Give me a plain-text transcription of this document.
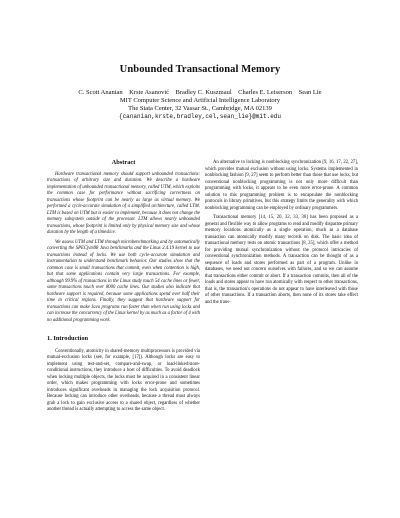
Unbounded Transactional Memory
C. Scott Ananian    Krste Asanović    Bradley C. Kuszmaul    Charles E. Leiserson    Sean Lie
MIT Computer Science and Artificial Intelligence Laboratory
The Stata Center, 32 Vassar St., Cambridge, MA 02139
{cananian,krste,bradley,cel,sean_lie}@mit.edu
Abstract

Hardware transactional memory should support unbounded transactions: transactions of arbitrary size and duration. We describe a hardware implementation of unbounded transactional memory, called UTM, which exploits the common case for performance without sacrificing correctness on transactions whose footprint can be nearly as large as virtual memory. We performed a cycle-accurate simulation of a simplified architecture, called LTM. LTM is based on UTM but is easier to implement, because it does not change the memory subsystem outside of the processor. LTM allows nearly unbounded transactions, whose footprint is limited only by physical memory size and whose duration by the length of a timeslice.

We assess UTM and LTM through microbenchmarking and by automatically converting the SPECjvm98 Java benchmarks and the Linux 2.4.19 kernel to use transactions instead of locks. We use both cycle-accurate simulation and instrumentation to understand benchmark behavior. Our studies show that the common case is small transactions that commit, even when contention is high, but that some applications contain very large transactions. For example, although 99.9% of transactions in the Linux study touch 54 cache lines or fewer, some transactions touch over 8000 cache lines. Our studies also indicate that hardware support is required, because some applications spend over half their time in critical regions. Finally, they suggest that hardware support for transactions can make Java programs run faster than when run using locks and can increase the concurrency of the Linux kernel by as much as a factor of 4 with no additional programming work.

1. Introduction

Conventionally, atomicity in shared-memory multiprocessors is provided via mutual-exclusion locks (see, for example, [17]). Although locks are easy to implement using test-and-set, compare-and-swap, or load-linked/store-conditional instructions, they introduce a host of difficulties. To avoid deadlock when locking multiple objects, the locks must be acquired in a consistent linear order, which makes programming with locks error-prone and sometimes introduces significant overheads in managing the lock acquisition protocol. Because locking can introduce other overheads, because a thread must always grab a lock to gain exclusive access to a shared object, regardless of whether another thread is actually attempting to access the same object.

An alternative to locking is nonblocking synchronization [9, 16, 17, 22, 27], which provides mutual exclusion without using locks. Systems implemented in nonblocking fashion [9, 27] seem to perform better than those that use locks, but conventional nonblocking programming is not only more difficult than programming with locks, it appears to be even more error-prone. A common solution to this programming problem is to encapsulate the nonblocking protocols in library primitives, but this strategy limits the generality with which nonblocking programming can be employed by ordinary programmers.

Transactional memory [14, 15, 20, 32, 33, 36] has been proposed as a general and flexible way to allow programs to read and modify disparate primary memory locations atomically as a single operation, much as a database transaction can atomically modify many records on disk. The basic idea of transactional memory rests on atomic transactions [8, 25], which offer a method for providing mutual synchronization without the protocol intricacies of conventional synchronization methods. A transaction can be thought of as a sequence of loads and stores performed as part of a program. Unlike in databases, we need not concern ourselves with failures, and so we can assume that transactions either commit or abort. If a transaction commits, then all of the loads and stores appear to have run atomically with respect to other transactions, that is, the transaction's operations do not appear to have interleaved with those of other transactions. If a transaction aborts, then none of its stores take effect and the trans-
